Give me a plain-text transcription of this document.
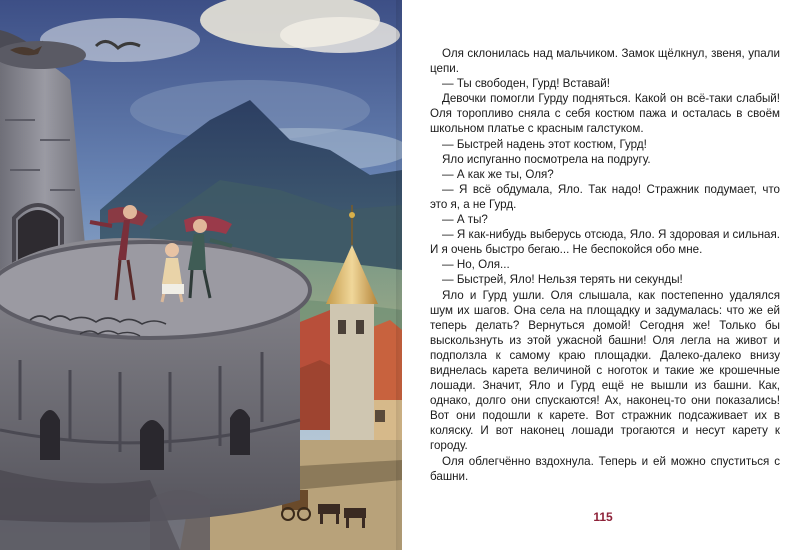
Оля склонилась над мальчиком. Замок щёлкнул, звеня, упали цепи.

— Ты свободен, Гурд! Вставай!

Девочки помогли Гурду подняться. Какой он всё-таки слабый! Оля торопливо сняла с себя костюм пажа и осталась в своём школьном платье с красным галстуком.

— Быстрей надень этот костюм, Гурд!

Яло испуганно посмотрела на подругу.

— А как же ты, Оля?

— Я всё обдумала, Яло. Так надо! Стражник подумает, что это я, а не Гурд.

— А ты?

— Я как-нибудь выберусь отсюда, Яло. Я здоровая и сильная. И я очень быстро бегаю... Не беспокойся обо мне.

— Но, Оля...

— Быстрей, Яло! Нельзя терять ни секунды!

Яло и Гурд ушли. Оля слышала, как постепенно удалялся шум их шагов. Она села на площадку и задумалась: что же ей теперь делать? Вернуться домой! Сегодня же! Только бы выскользнуть из этой ужасной башни! Оля легла на живот и подползла к самому краю площадки. Далеко-далеко внизу виднелась карета величиной с ноготок и такие же крошечные лошади. Значит, Яло и Гурд ещё не вышли из башни. Как, однако, долго они спускаются! Ах, наконец-то они показались! Вот они подошли к карете. Вот стражник подсаживает их в коляску. И вот наконец лошади трогаются и несут карету к городу.

Оля облегчённо вздохнула. Теперь и ей можно спуститься с башни.

115
